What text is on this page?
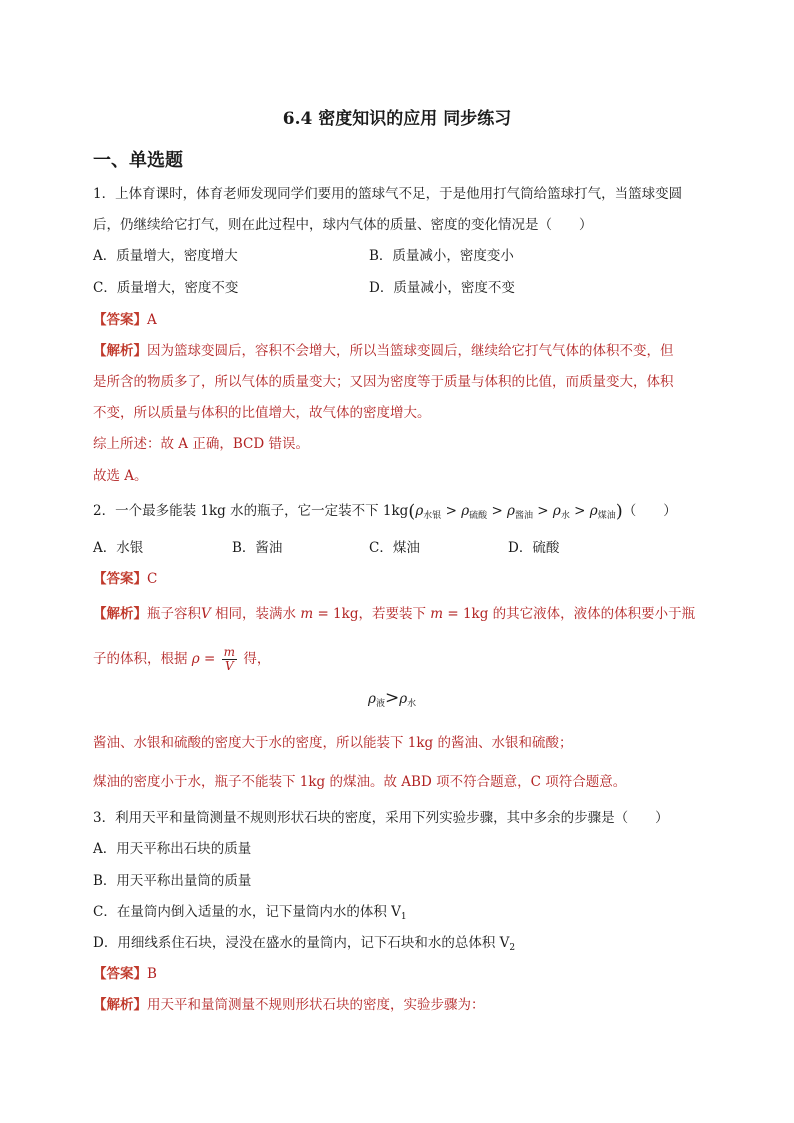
6.4 密度知识的应用 同步练习
一、单选题
1．上体育课时，体育老师发现同学们要用的篮球气不足，于是他用打气筒给篮球打气，当篮球变圆
后，仍继续给它打气，则在此过程中，球内气体的质量、密度的变化情况是（　　）
A．质量增大，密度增大	B．质量减小，密度变小
C．质量增大，密度不变	D．质量减小，密度不变
【答案】A
【解析】因为篮球变圆后，容积不会增大，所以当篮球变圆后，继续给它打气气体的体积不变，但
是所含的物质多了，所以气体的质量变大；又因为密度等于质量与体积的比值，而质量变大，体积
不变，所以质量与体积的比值增大，故气体的密度增大。
综上所述：故 A 正确，BCD 错误。
故选 A。
2．一个最多能装 1kg 水的瓶子，它一定装不下 $1kg(\rho_{水银} > \rho_{硫酸} > \rho_{酱油} > \rho_水 > \rho_{煤油})$（　　）
A．水银	B．酱油	C．煤油	D．硫酸
【答案】C
【解析】瓶子容积V 相同，装满水 m = 1kg，若要装下 m = 1kg 的其它液体，液体的体积要小于瓶
子的体积，根据 $\rho = \frac{m}{V}$ 得，
$\rho_液>\rho_水$
酱油、水银和硫酸的密度大于水的密度，所以能装下 1kg 的酱油、水银和硫酸；
煤油的密度小于水，瓶子不能装下 1kg 的煤油。故 ABD 项不符合题意，C 项符合题意。
3．利用天平和量筒测量不规则形状石块的密度，采用下列实验步骤，其中多余的步骤是（　　）
A．用天平称出石块的质量
B．用天平称出量筒的质量
C．在量筒内倒入适量的水，记下量筒内水的体积 $V_1$
D．用细线系住石块，浸没在盛水的量筒内，记下石块和水的总体积 $V_2$
【答案】B
【解析】用天平和量筒测量不规则形状石块的密度，实验步骤为：
